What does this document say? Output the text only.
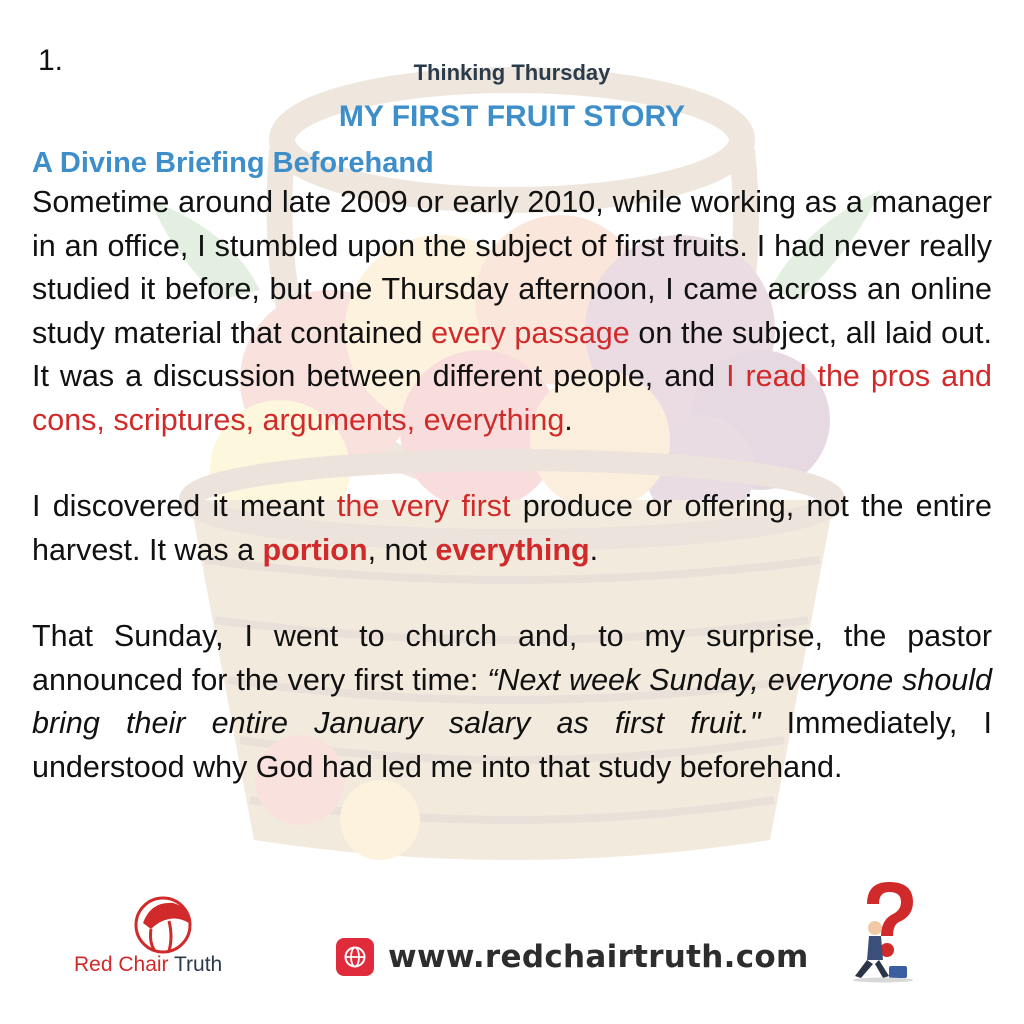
1.	Thinking Thursday
MY FIRST FRUIT STORY
A Divine Briefing Beforehand

Sometime around late 2009 or early 2010, while working as a manager in an office, I stumbled upon the subject of first fruits. I had never really studied it before, but one Thursday afternoon, I came across an online study material that contained every passage on the subject, all laid out. It was a discussion between different people, and I read the pros and cons, scriptures, arguments, everything.

I discovered it meant the very first produce or offering, not the entire harvest. It was a portion, not everything.

That Sunday, I went to church and, to my surprise, the pastor announced for the very first time: “Next week Sunday, everyone should bring their entire January salary as first fruit." Immediately, I understood why God had led me into that study beforehand.

Red Chair Truth	www.redchairtruth.com
